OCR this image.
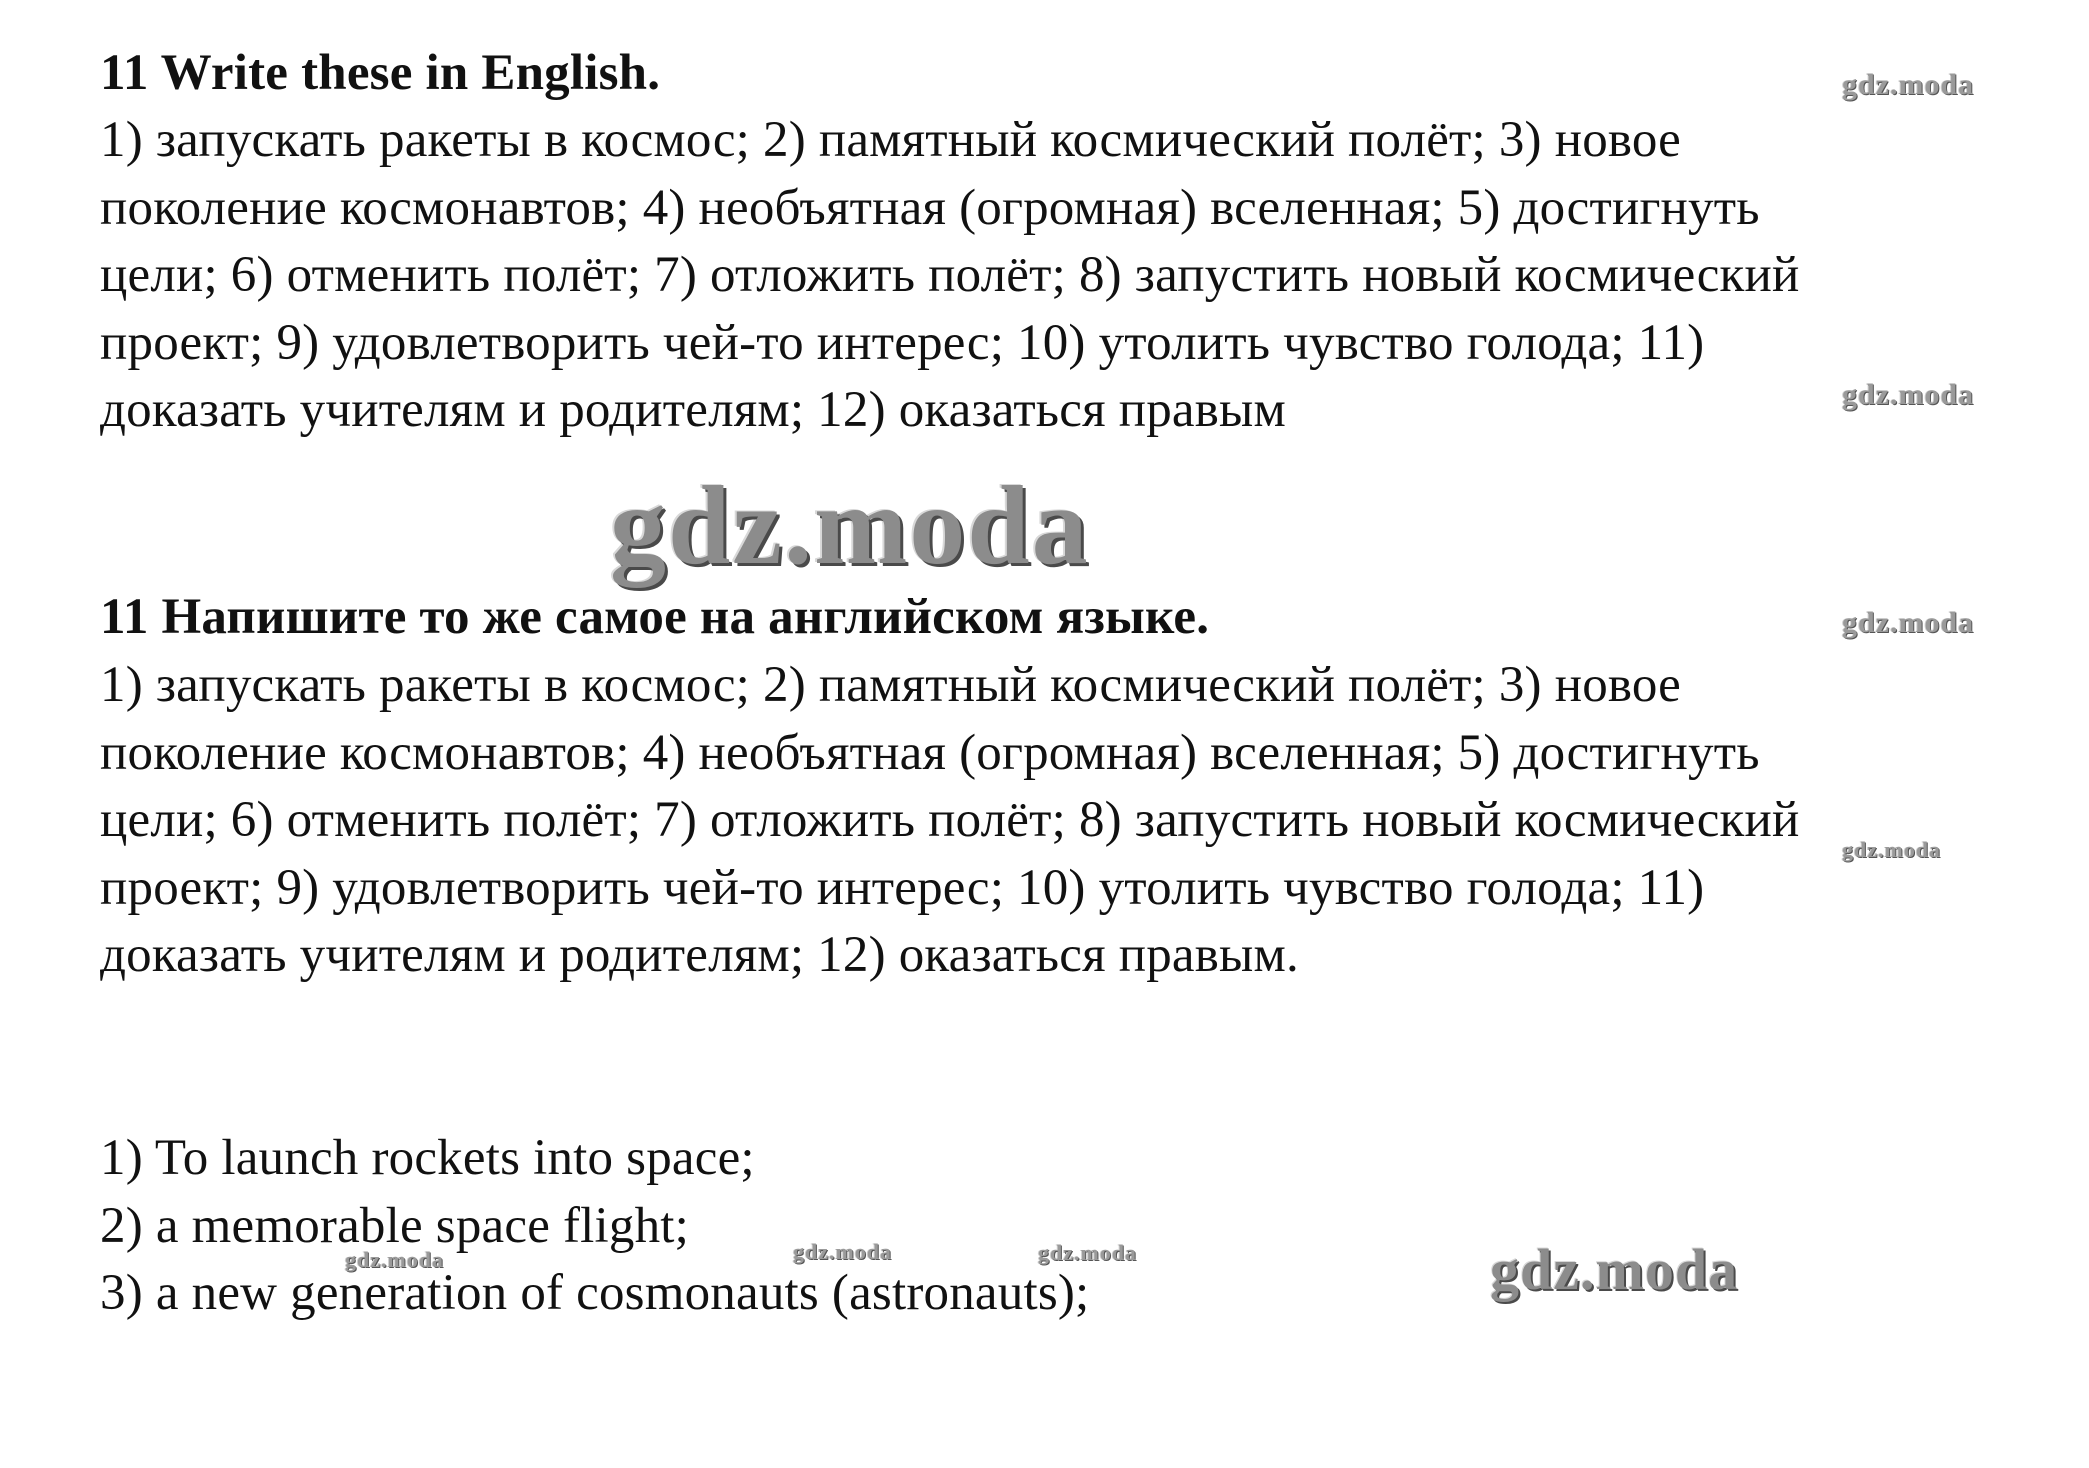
11 Write these in English.
1) запускать ракеты в космос; 2) памятный космический полёт; 3) новое
поколение космонавтов; 4) необъятная (огромная) вселенная; 5) достигнуть
цели; 6) отменить полёт; 7) отложить полёт; 8) запустить новый космический
проект; 9) удовлетворить чей-то интерес; 10) утолить чувство голода; 11)
доказать учителям и родителям; 12) оказаться правым
11 Напишите то же самое на английском языке.
1) запускать ракеты в космос; 2) памятный космический полёт; 3) новое
поколение космонавтов; 4) необъятная (огромная) вселенная; 5) достигнуть
цели; 6) отменить полёт; 7) отложить полёт; 8) запустить новый космический
проект; 9) удовлетворить чей-то интерес; 10) утолить чувство голода; 11)
доказать учителям и родителям; 12) оказаться правым.
1) To launch rockets into space;
2) a memorable space flight;
3) a new generation of cosmonauts (astronauts);
gdz.moda
gdz.moda
gdz.moda
gdz.moda
gdz.moda
gdz.moda	gdz.moda	gdz.moda	gdz.moda
